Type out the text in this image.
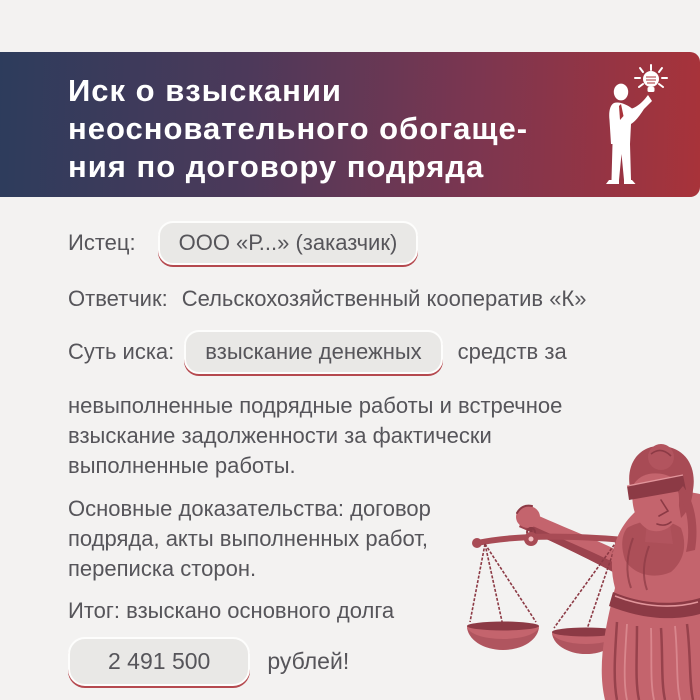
Иск о взыскании
неосновательного обогаще-
ния по договору подряда
Истец:	ООО «Р...» (заказчик)
Ответчик: Сельскохозяйственный кооператив «К»
Суть иска:	взыскание денежных	средств за
невыполненные подрядные работы и встречное взыскание задолженности за фактически выполненные работы.
Основные доказательства: договор подряда, акты выполненных работ, переписка сторон.
Итог: взыскано основного долга
2 491 500	рублей!
